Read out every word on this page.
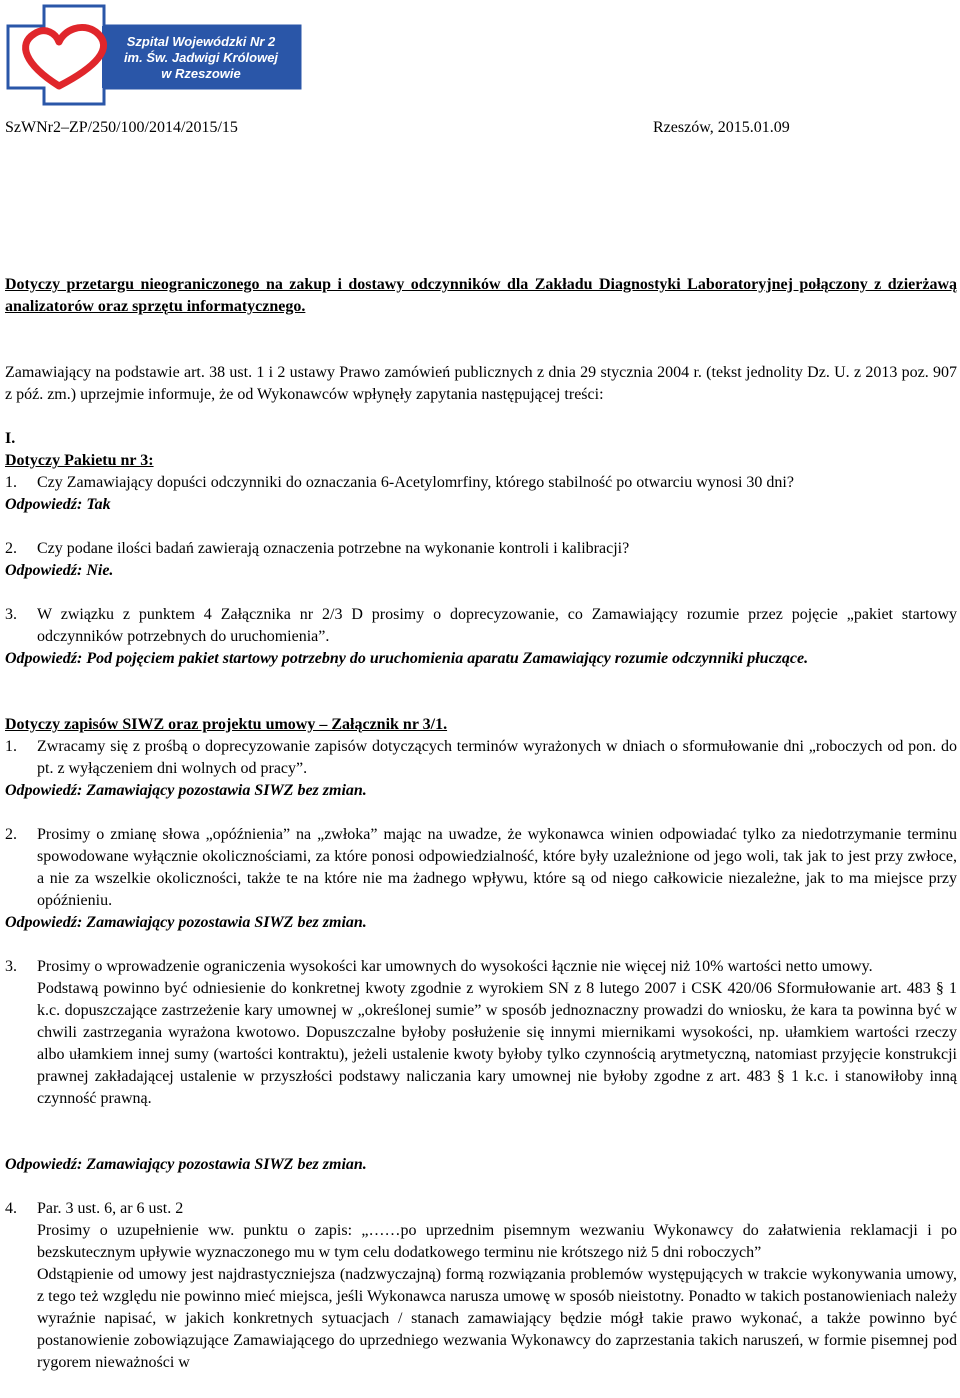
Szpital Wojewódzki Nr 2
im. Św. Jadwigi Królowej
w Rzeszowie
SzWNr2–ZP/250/100/2014/2015/15	Rzeszów, 2015.01.09
Dotyczy przetargu nieograniczonego na zakup i dostawy odczynników dla Zakładu Diagnostyki Laboratoryjnej połączony z dzierżawą analizatorów oraz sprzętu informatycznego.
Zamawiający na podstawie art. 38 ust. 1 i 2 ustawy Prawo zamówień publicznych z dnia 29 stycznia 2004 r. (tekst jednolity Dz. U. z 2013 poz. 907 z póź. zm.) uprzejmie informuje, że od Wykonawców wpłynęły zapytania następującej treści:
I.
Dotyczy Pakietu nr 3:
1. Czy Zamawiający dopuści odczynniki do oznaczania 6-Acetylomrfiny, którego stabilność po otwarciu wynosi 30 dni?
Odpowiedź: Tak
2. Czy podane ilości badań zawierają oznaczenia potrzebne na wykonanie kontroli i kalibracji?
Odpowiedź: Nie.
3. W związku z punktem 4 Załącznika nr 2/3 D prosimy o doprecyzowanie, co Zamawiający rozumie przez pojęcie „pakiet startowy odczynników potrzebnych do uruchomienia”.
Odpowiedź: Pod pojęciem pakiet startowy potrzebny do uruchomienia aparatu Zamawiający rozumie odczynniki płuczące.
Dotyczy zapisów SIWZ oraz projektu umowy – Załącznik nr 3/1.
1. Zwracamy się z prośbą o doprecyzowanie zapisów dotyczących terminów wyrażonych w dniach o sformułowanie dni „roboczych od pon. do pt. z wyłączeniem dni wolnych od pracy”.
Odpowiedź: Zamawiający pozostawia SIWZ bez zmian.
2. Prosimy o zmianę słowa „opóźnienia” na „zwłoka” mając na uwadze, że wykonawca winien odpowiadać tylko za niedotrzymanie terminu spowodowane wyłącznie okolicznościami, za które ponosi odpowiedzialność, które były uzależnione od jego woli, tak jak to jest przy zwłoce, a nie za wszelkie okoliczności, także te na które nie ma żadnego wpływu, które są od niego całkowicie niezależne, jak to ma miejsce przy opóźnieniu.
Odpowiedź: Zamawiający pozostawia SIWZ bez zmian.
3. Prosimy o wprowadzenie ograniczenia wysokości kar umownych do wysokości łącznie nie więcej niż 10% wartości netto umowy.
Podstawą powinno być odniesienie do konkretnej kwoty zgodnie z wyrokiem SN z 8 lutego 2007 i CSK 420/06 Sformułowanie art. 483 § 1 k.c. dopuszczające zastrzeżenie kary umownej w „określonej sumie” w sposób jednoznaczny prowadzi do wniosku, że kara ta powinna być w chwili zastrzegania wyrażona kwotowo. Dopuszczalne byłoby posłużenie się innymi miernikami wysokości, np. ułamkiem wartości rzeczy albo ułamkiem innej sumy (wartości kontraktu), jeżeli ustalenie kwoty byłoby tylko czynnością arytmetyczną, natomiast przyjęcie konstrukcji prawnej zakładającej ustalenie w przyszłości podstawy naliczania kary umownej nie byłoby zgodne z art. 483 § 1 k.c. i stanowiłoby inną czynność prawną.
Odpowiedź: Zamawiający pozostawia SIWZ bez zmian.
4. Par. 3 ust. 6, ar 6 ust. 2
Prosimy o uzupełnienie ww. punktu o zapis: „……po uprzednim pisemnym wezwaniu Wykonawcy do załatwienia reklamacji i po bezskutecznym upływie wyznaczonego mu w tym celu dodatkowego terminu nie krótszego niż 5 dni roboczych”
Odstąpienie od umowy jest najdrastyczniejsza (nadzwyczajną) formą rozwiązania problemów występujących w trakcie wykonywania umowy, z tego też względu nie powinno mieć miejsca, jeśli Wykonawca narusza umowę w sposób nieistotny. Ponadto w takich postanowieniach należy wyraźnie napisać, w jakich konkretnych sytuacjach / stanach zamawiający będzie mógł takie prawo wykonać, a także powinno być postanowienie zobowiązujące Zamawiającego do uprzedniego wezwania Wykonawcy do zaprzestania takich naruszeń, w formie pisemnej pod rygorem nieważności w
